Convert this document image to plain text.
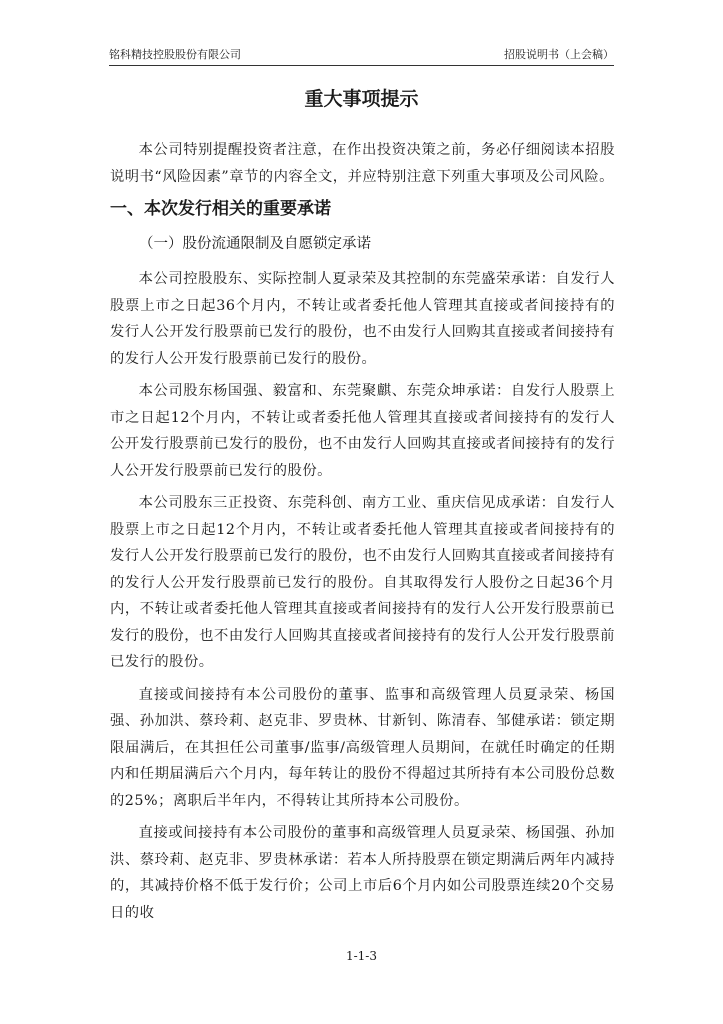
铭科精技控股股份有限公司	招股说明书（上会稿）
重大事项提示

本公司特别提醒投资者注意，在作出投资决策之前，务必仔细阅读本招股说明书“风险因素”章节的内容全文，并应特别注意下列重大事项及公司风险。

一、本次发行相关的重要承诺
（一）股份流通限制及自愿锁定承诺

本公司控股股东、实际控制人夏录荣及其控制的东莞盛荣承诺：自发行人股票上市之日起36个月内，不转让或者委托他人管理其直接或者间接持有的发行人公开发行股票前已发行的股份，也不由发行人回购其直接或者间接持有的发行人公开发行股票前已发行的股份。

本公司股东杨国强、毅富和、东莞聚麒、东莞众坤承诺：自发行人股票上市之日起12个月内，不转让或者委托他人管理其直接或者间接持有的发行人公开发行股票前已发行的股份，也不由发行人回购其直接或者间接持有的发行人公开发行股票前已发行的股份。

本公司股东三正投资、东莞科创、南方工业、重庆信见成承诺：自发行人股票上市之日起12个月内，不转让或者委托他人管理其直接或者间接持有的发行人公开发行股票前已发行的股份，也不由发行人回购其直接或者间接持有的发行人公开发行股票前已发行的股份。自其取得发行人股份之日起36个月内，不转让或者委托他人管理其直接或者间接持有的发行人公开发行股票前已发行的股份，也不由发行人回购其直接或者间接持有的发行人公开发行股票前已发行的股份。

直接或间接持有本公司股份的董事、监事和高级管理人员夏录荣、杨国强、孙加洪、蔡玲莉、赵克非、罗贵林、甘新钊、陈清春、邹健承诺：锁定期限届满后，在其担任公司董事/监事/高级管理人员期间，在就任时确定的任期内和任期届满后六个月内，每年转让的股份不得超过其所持有本公司股份总数的25%；离职后半年内，不得转让其所持本公司股份。

直接或间接持有本公司股份的董事和高级管理人员夏录荣、杨国强、孙加洪、蔡玲莉、赵克非、罗贵林承诺：若本人所持股票在锁定期满后两年内减持的，其减持价格不低于发行价；公司上市后6个月内如公司股票连续20个交易日的收

1-1-3
